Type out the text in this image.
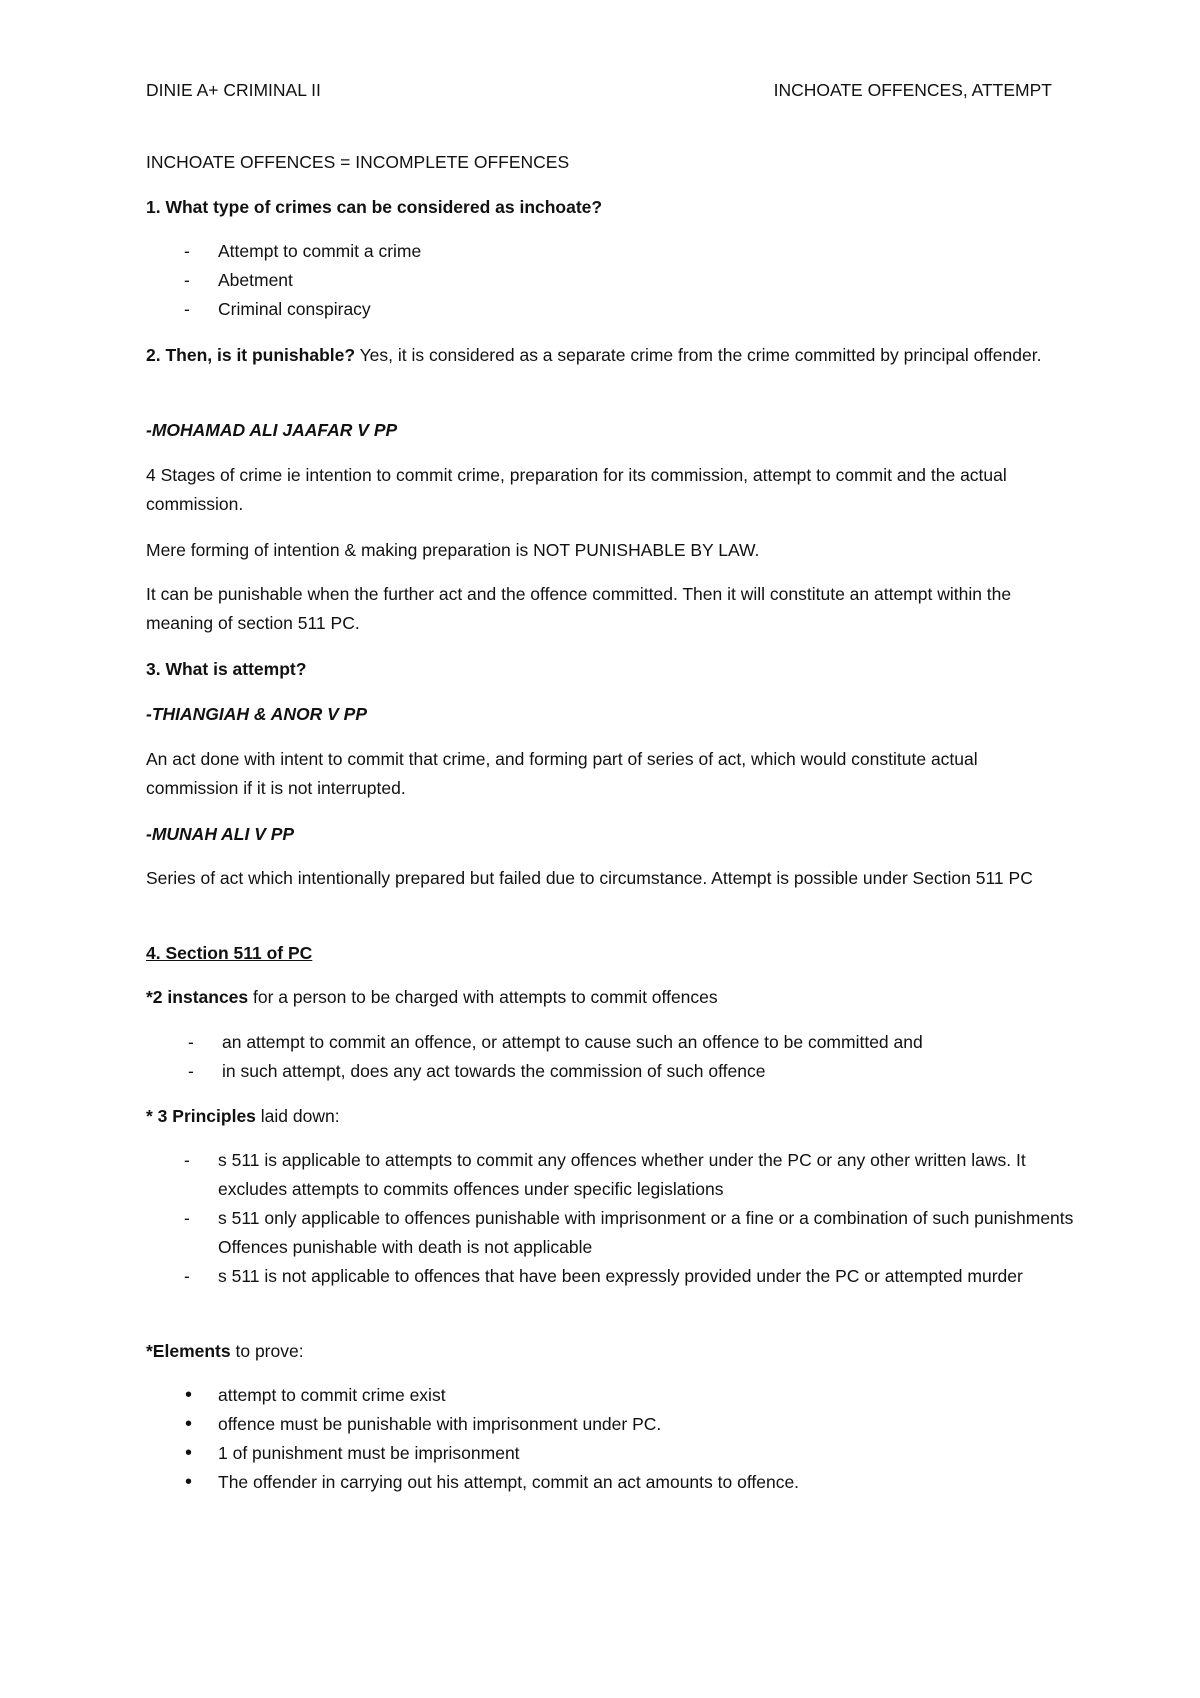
DINIE A+ CRIMINAL II	INCHOATE OFFENCES, ATTEMPT

INCHOATE OFFENCES = INCOMPLETE OFFENCES

1. What type of crimes can be considered as inchoate?

- Attempt to commit a crime
- Abetment
- Criminal conspiracy

2. Then, is it punishable? Yes, it is considered as a separate crime from the crime committed by principal offender.

-MOHAMAD ALI JAAFAR V PP

4 Stages of crime ie intention to commit crime, preparation for its commission, attempt to commit and the actual commission.

Mere forming of intention & making preparation is NOT PUNISHABLE BY LAW.

It can be punishable when the further act and the offence committed. Then it will constitute an attempt within the meaning of section 511 PC.

3. What is attempt?

-THIANGIAH & ANOR V PP

An act done with intent to commit that crime, and forming part of series of act, which would constitute actual commission if it is not interrupted.

-MUNAH ALI V PP

Series of act which intentionally prepared but failed due to circumstance. Attempt is possible under Section 511 PC

4. Section 511 of PC

*2 instances for a person to be charged with attempts to commit offences

- an attempt to commit an offence, or attempt to cause such an offence to be committed and
- in such attempt, does any act towards the commission of such offence

* 3 Principles laid down:

- s 511 is applicable to attempts to commit any offences whether under the PC or any other written laws. It excludes attempts to commits offences under specific legislations
- s 511 only applicable to offences punishable with imprisonment or a fine or a combination of such punishments Offences punishable with death is not applicable
- s 511 is not applicable to offences that have been expressly provided under the PC or attempted murder

*Elements to prove:

• attempt to commit crime exist
• offence must be punishable with imprisonment under PC.
• 1 of punishment must be imprisonment
• The offender in carrying out his attempt, commit an act amounts to offence.
